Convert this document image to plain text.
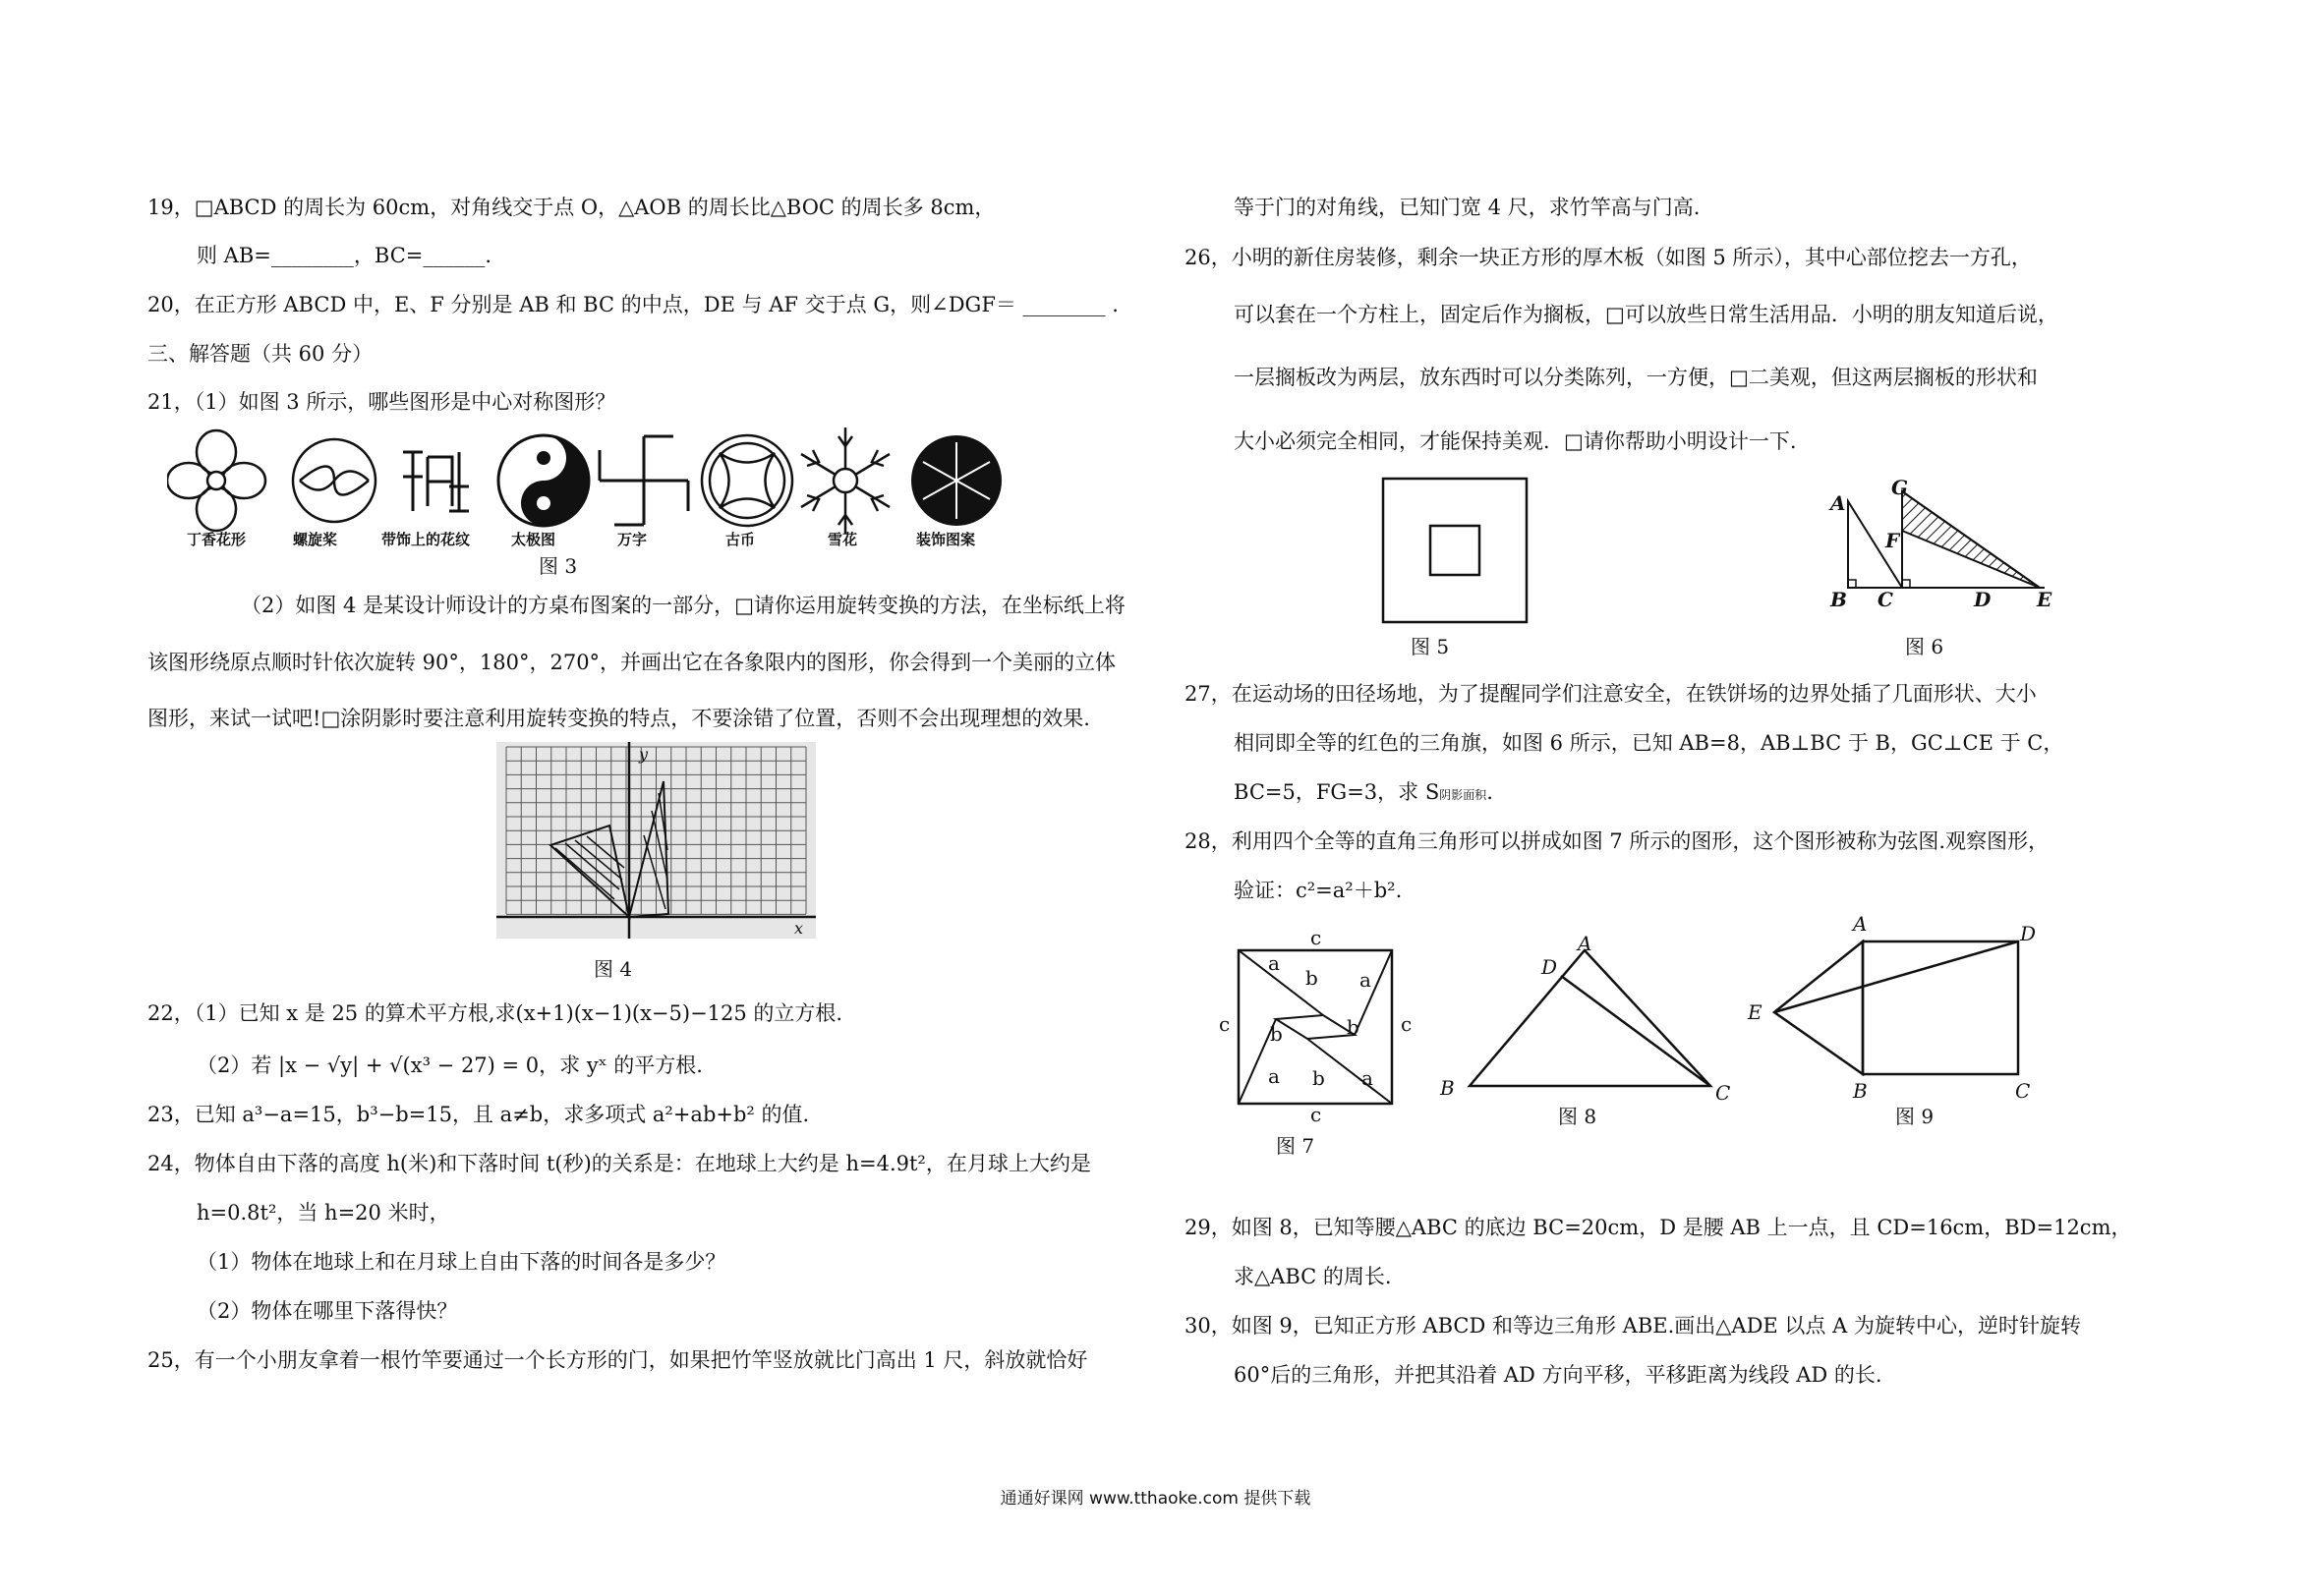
19，□ABCD 的周长为 60cm，对角线交于点 O，△AOB 的周长比△BOC 的周长多 8cm，
则 AB=________，BC=______.
20，在正方形 ABCD 中，E、F 分别是 AB 和 BC 的中点，DE 与 AF 交于点 G，则∠DGF＝ ________ .
三、解答题（共 60 分）
21，（1）如图 3 所示，哪些图形是中心对称图形？
丁香花形	螺旋桨	带饰上的花纹	太极图	万字	古币	雪花	装饰图案
图 3
（2）如图 4 是某设计师设计的方桌布图案的一部分，□请你运用旋转变换的方法，在坐标纸上将
该图形绕原点顺时针依次旋转 90°，180°，270°，并画出它在各象限内的图形，你会得到一个美丽的立体
图形，来试一试吧!□涂阴影时要注意利用旋转变换的特点，不要涂错了位置，否则不会出现理想的效果.
y
x
图 4
22，（1）已知 x 是 25 的算术平方根,求(x+1)(x−1)(x−5)−125 的立方根.
（2）若 |x − √y| + √(x³ − 27) = 0，求 yˣ 的平方根.
23，已知 a³−a=15，b³−b=15，且 a≠b，求多项式 a²+ab+b² 的值.
24，物体自由下落的高度 h(米)和下落时间 t(秒)的关系是：在地球上大约是 h=4.9t²，在月球上大约是
h=0.8t²，当 h=20 米时，
（1）物体在地球上和在月球上自由下落的时间各是多少？
（2）物体在哪里下落得快？
25，有一个小朋友拿着一根竹竿要通过一个长方形的门，如果把竹竿竖放就比门高出 1 尺，斜放就恰好
等于门的对角线，已知门宽 4 尺，求竹竿高与门高.
26，小明的新住房装修，剩余一块正方形的厚木板（如图 5 所示），其中心部位挖去一方孔，
可以套在一个方柱上，固定后作为搁板，□可以放些日常生活用品．小明的朋友知道后说，
一层搁板改为两层，放东西时可以分类陈列，一方便，□二美观，但这两层搁板的形状和
大小必须完全相同，才能保持美观．□请你帮助小明设计一下.
图 5
A
G
F
B C	D E
图 6
27，在运动场的田径场地，为了提醒同学们注意安全，在铁饼场的边界处插了几面形状、大小
相同即全等的红色的三角旗，如图 6 所示，已知 AB=8，AB⊥BC 于 B，GC⊥CE 于 C，
BC=5，FG=3，求 S阴影面积.
28，利用四个全等的直角三角形可以拼成如图 7 所示的图形，这个图形被称为弦图.观察图形，
验证：c²=a²＋b².
c
c	c
c
a
a
a	a
b
b	b
b
图 7
A
D
B	C
图 8
A	D
E
B	C
图 9
29，如图 8，已知等腰△ABC 的底边 BC=20cm，D 是腰 AB 上一点，且 CD=16cm，BD=12cm，
求△ABC 的周长.
30，如图 9，已知正方形 ABCD 和等边三角形 ABE.画出△ADE 以点 A 为旋转中心，逆时针旋转
60°后的三角形，并把其沿着 AD 方向平移，平移距离为线段 AD 的长.
通通好课网 www.tthaoke.com 提供下载
